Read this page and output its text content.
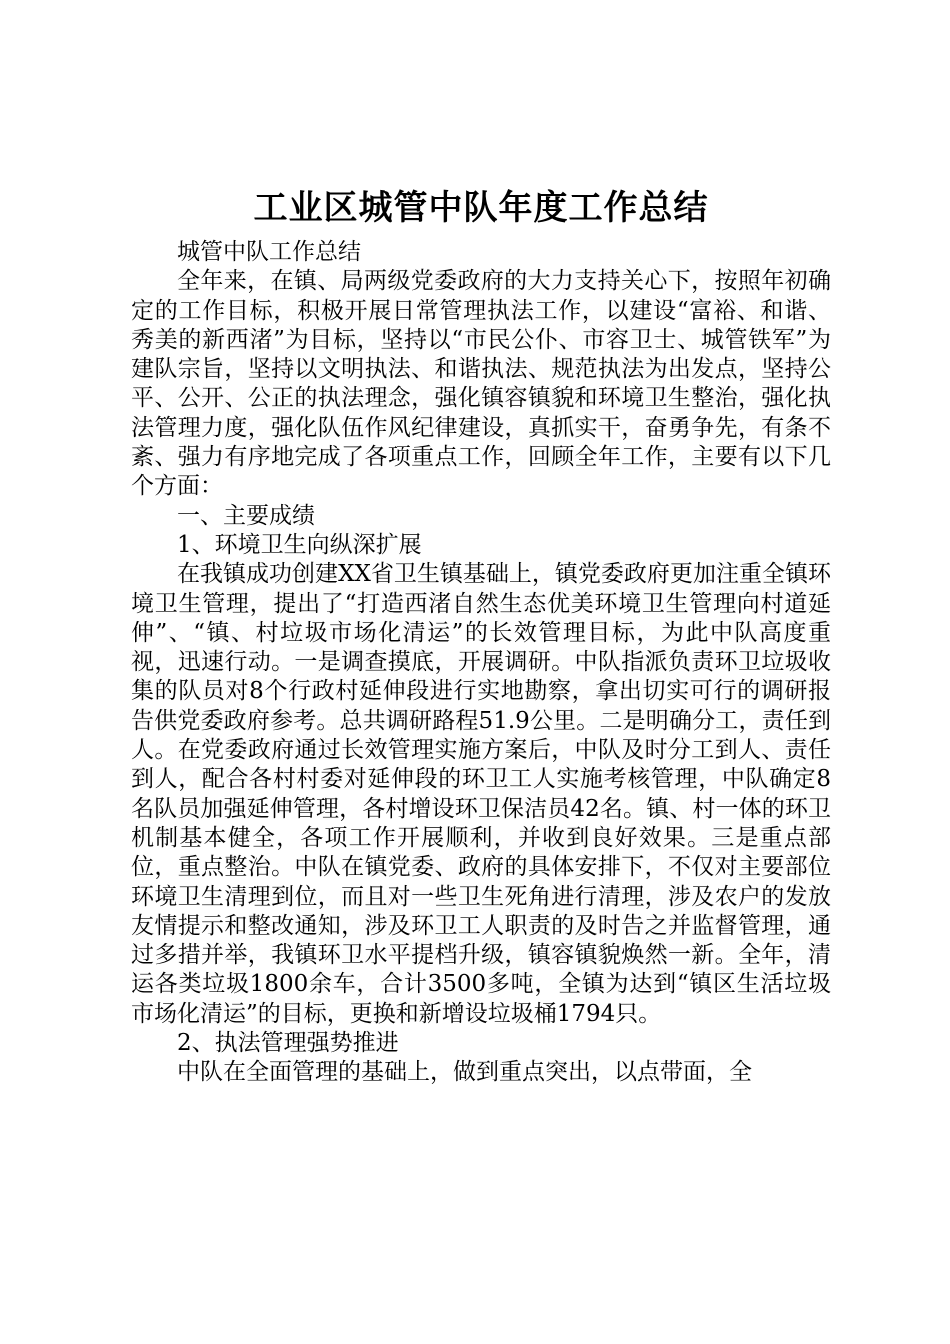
工业区城管中队年度工作总结

城管中队工作总结

全年来，在镇、局两级党委政府的大力支持关心下，按照年初确定的工作目标，积极开展日常管理执法工作，以建设“富裕、和谐、秀美的新西渚”为目标，坚持以“市民公仆、市容卫士、城管铁军”为建队宗旨，坚持以文明执法、和谐执法、规范执法为出发点，坚持公平、公开、公正的执法理念，强化镇容镇貌和环境卫生整治，强化执法管理力度，强化队伍作风纪律建设，真抓实干，奋勇争先，有条不紊、强力有序地完成了各项重点工作，回顾全年工作，主要有以下几个方面：

一、主要成绩

1、环境卫生向纵深扩展

在我镇成功创建XX省卫生镇基础上，镇党委政府更加注重全镇环境卫生管理，提出了“打造西渚自然生态优美环境卫生管理向村道延伸”、“镇、村垃圾市场化清运”的长效管理目标，为此中队高度重视，迅速行动。一是调查摸底，开展调研。中队指派负责环卫垃圾收集的队员对8个行政村延伸段进行实地勘察，拿出切实可行的调研报告供党委政府参考。总共调研路程51.9公里。二是明确分工，责任到人。在党委政府通过长效管理实施方案后，中队及时分工到人、责任到人，配合各村村委对延伸段的环卫工人实施考核管理，中队确定8名队员加强延伸管理，各村增设环卫保洁员42名。镇、村一体的环卫机制基本健全，各项工作开展顺利，并收到良好效果。三是重点部位，重点整治。中队在镇党委、政府的具体安排下，不仅对主要部位环境卫生清理到位，而且对一些卫生死角进行清理，涉及农户的发放友情提示和整改通知，涉及环卫工人职责的及时告之并监督管理，通过多措并举，我镇环卫水平提档升级，镇容镇貌焕然一新。全年，清运各类垃圾1800余车，合计3500多吨，全镇为达到“镇区生活垃圾市场化清运”的目标，更换和新增设垃圾桶1794只。

2、执法管理强势推进

中队在全面管理的基础上，做到重点突出，以点带面，全
